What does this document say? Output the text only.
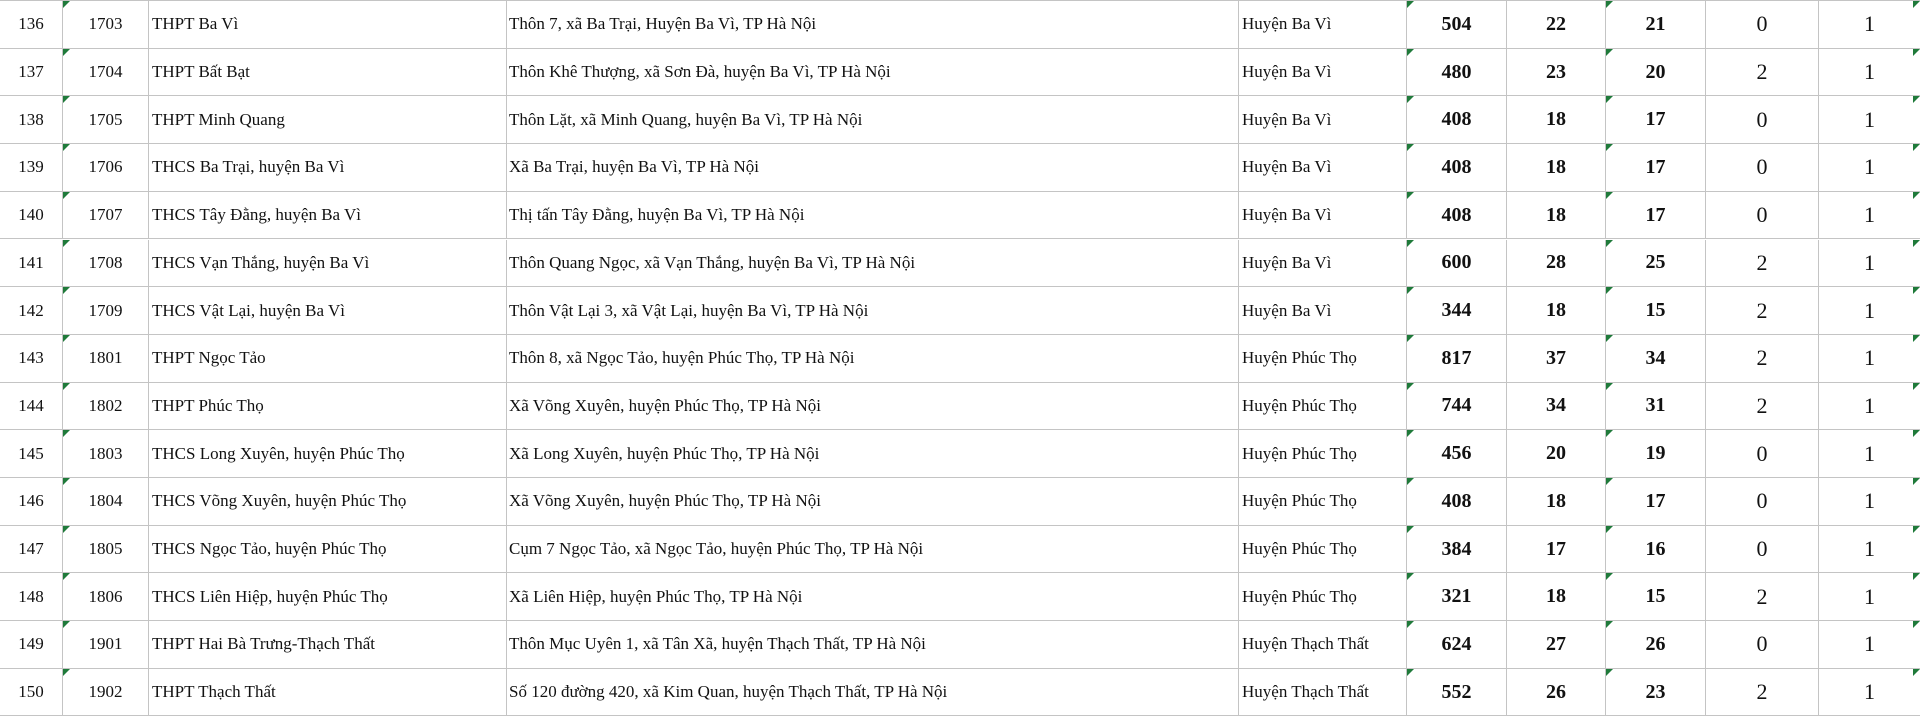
136	1703	THPT Ba Vì	Thôn 7, xã Ba Trại, Huyện Ba Vì, TP Hà Nội	Huyện Ba Vì	504	22	21	0	1
137	1704	THPT Bất Bạt	Thôn Khê Thượng, xã Sơn Đà, huyện Ba Vì, TP Hà Nội	Huyện Ba Vì	480	23	20	2	1
138	1705	THPT Minh Quang	Thôn Lặt, xã Minh Quang, huyện Ba Vì, TP Hà Nội	Huyện Ba Vì	408	18	17	0	1
139	1706	THCS Ba Trại, huyện Ba Vì	Xã Ba Trại, huyện Ba Vì, TP Hà Nội	Huyện Ba Vì	408	18	17	0	1
140	1707	THCS Tây Đằng, huyện Ba Vì	Thị tấn Tây Đằng, huyện Ba Vì, TP Hà Nội	Huyện Ba Vì	408	18	17	0	1
141	1708	THCS Vạn Thắng, huyện Ba Vì	Thôn Quang Ngọc, xã Vạn Thắng, huyện Ba Vì, TP Hà Nội	Huyện Ba Vì	600	28	25	2	1
142	1709	THCS Vật Lại, huyện Ba Vì	Thôn Vật Lại 3, xã Vật Lại, huyện Ba Vì, TP Hà Nội	Huyện Ba Vì	344	18	15	2	1
143	1801	THPT Ngọc Tảo	Thôn 8, xã Ngọc Tảo, huyện Phúc Thọ, TP Hà Nội	Huyện Phúc Thọ	817	37	34	2	1
144	1802	THPT Phúc Thọ	Xã Võng Xuyên, huyện Phúc Thọ, TP Hà Nội	Huyện Phúc Thọ	744	34	31	2	1
145	1803	THCS Long Xuyên, huyện Phúc Thọ	Xã Long Xuyên, huyện Phúc Thọ, TP Hà Nội	Huyện Phúc Thọ	456	20	19	0	1
146	1804	THCS Võng Xuyên, huyện Phúc Thọ	Xã Võng Xuyên, huyện Phúc Thọ, TP Hà Nội	Huyện Phúc Thọ	408	18	17	0	1
147	1805	THCS Ngọc Tảo, huyện Phúc Thọ	Cụm 7 Ngọc Tảo, xã Ngọc Tảo, huyện Phúc Thọ, TP Hà Nội	Huyện Phúc Thọ	384	17	16	0	1
148	1806	THCS Liên Hiệp, huyện Phúc Thọ	Xã Liên Hiệp, huyện Phúc Thọ, TP Hà Nội	Huyện Phúc Thọ	321	18	15	2	1
149	1901	THPT Hai Bà Trưng-Thạch Thất	Thôn Mục Uyên 1, xã Tân Xã, huyện Thạch Thất, TP Hà Nội	Huyện Thạch Thất	624	27	26	0	1
150	1902	THPT Thạch Thất	Số 120 đường 420, xã Kim Quan, huyện Thạch Thất, TP Hà Nội	Huyện Thạch Thất	552	26	23	2	1
